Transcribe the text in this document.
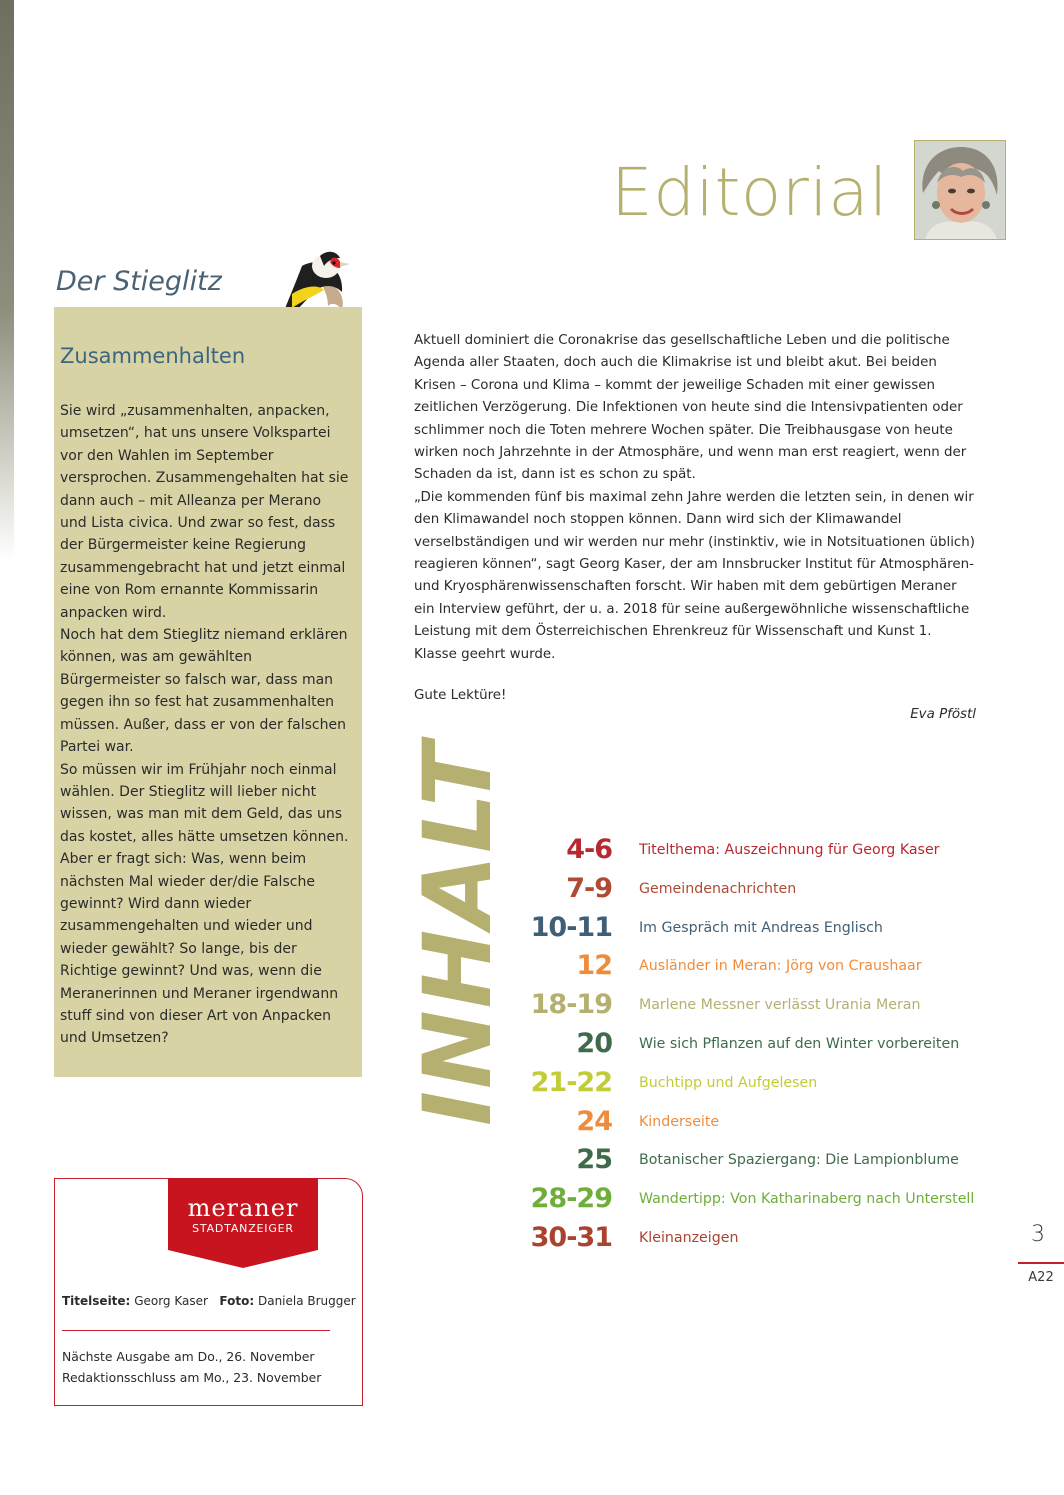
Editorial
Der Stieglitz
Zusammenhalten

Sie wird „zusammenhalten, anpacken, umsetzen“, hat uns unsere Volkspartei vor den Wahlen im September versprochen. Zusammengehalten hat sie dann auch – mit Alleanza per Merano und Lista civica. Und zwar so fest, dass der Bürgermeister keine Regierung zusammengebracht hat und jetzt einmal eine von Rom ernannte Kommissarin anpacken wird.

Noch hat dem Stieglitz niemand erklären können, was am gewählten Bürgermeister so falsch war, dass man gegen ihn so fest hat zusammenhalten müssen. Außer, dass er von der falschen Partei war.

So müssen wir im Frühjahr noch einmal wählen. Der Stieglitz will lieber nicht wissen, was man mit dem Geld, das uns das kostet, alles hätte umsetzen können. Aber er fragt sich: Was, wenn beim nächsten Mal wieder der/die Falsche gewinnt? Wird dann wieder zusammengehalten und wieder und wieder gewählt? So lange, bis der Richtige gewinnt? Und was, wenn die Meranerinnen und Meraner irgendwann stuff sind von dieser Art von Anpacken und Umsetzen?

Aktuell dominiert die Coronakrise das gesellschaftliche Leben und die politische Agenda aller Staaten, doch auch die Klimakrise ist und bleibt akut. Bei beiden Krisen – Corona und Klima – kommt der jeweilige Schaden mit einer gewissen zeitlichen Verzögerung. Die Infektionen von heute sind die Intensivpatienten oder schlimmer noch die Toten mehrere Wochen später. Die Treibhausgase von heute wirken noch Jahrzehnte in der Atmosphäre, und wenn man erst reagiert, wenn der Schaden da ist, dann ist es schon zu spät.

„Die kommenden fünf bis maximal zehn Jahre werden die letzten sein, in denen wir den Klimawandel noch stoppen können. Dann wird sich der Klimawandel verselbständigen und wir werden nur mehr (instinktiv, wie in Notsituationen üblich) reagieren können“, sagt Georg Kaser, der am Innsbrucker Institut für Atmosphären- und Kryosphärenwissenschaften forscht. Wir haben mit dem gebürtigen Meraner ein Interview geführt, der u. a. 2018 für seine außergewöhnliche wissenschaftliche Leistung mit dem Österreichischen Ehrenkreuz für Wissenschaft und Kunst 1. Klasse geehrt wurde.

Gute Lektüre!
Eva Pföstl
INHALT 4-6 Titelthema: Auszeichnung für Georg Kaser
7-9 Gemeindenachrichten
10-11 Im Gespräch mit Andreas Englisch
12 Ausländer in Meran: Jörg von Craushaar
18-19 Marlene Messner verlässt Urania Meran
20 Wie sich Pflanzen auf den Winter vorbereiten
21-22 Buchtipp und Aufgelesen
24 Kinderseite
25 Botanischer Spaziergang: Die Lampionblume
28-29 Wandertipp: Von Katharinaberg nach Unterstell
30-31 Kleinanzeigen
meraner
STADTANZEIGER
Titelseite: Georg Kaser Foto: Daniela Brugger
Nächste Ausgabe am Do., 26. November
Redaktionsschluss am Mo., 23. November
3
A22
